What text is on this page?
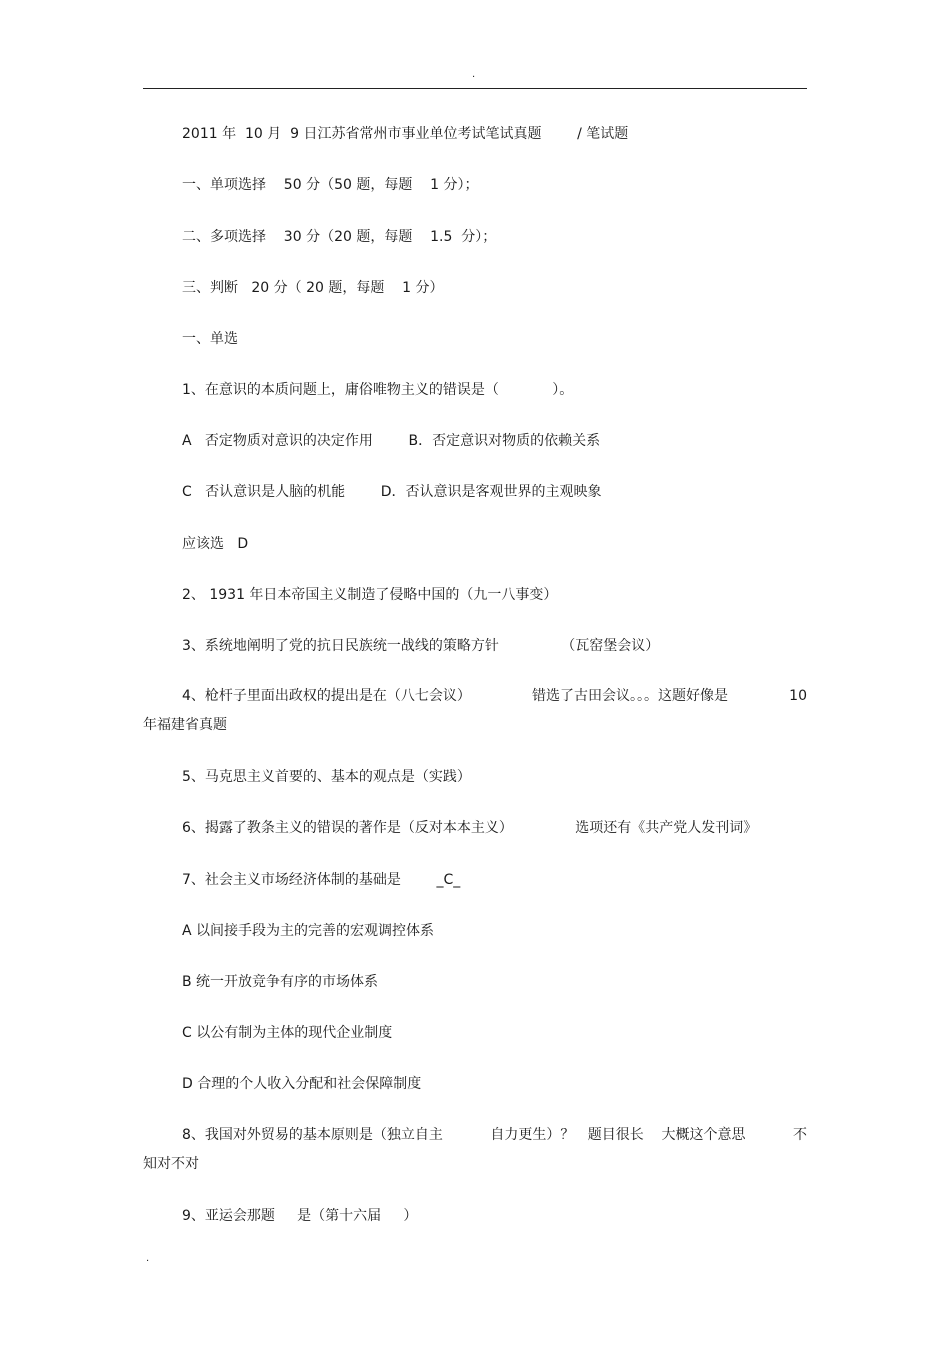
.
2011 年  10 月  9 日江苏省常州市事业单位考试笔试真题        / 笔试题
一、单项选择    50 分（50 题，每题    1 分）；
二、多项选择    30 分（20 题，每题    1.5  分）；
三、判断   20 分（ 20 题，每题    1 分）
一、单选
1、在意识的本质问题上，庸俗唯物主义的错误是（            ）。
A   否定物质对意识的决定作用        B．否定意识对物质的依赖关系
C   否认意识是人脑的机能        D．否认意识是客观世界的主观映象
应该选   D
2、 1931 年日本帝国主义制造了侵略中国的（九一八事变）
3、系统地阐明了党的抗日民族统一战线的策略方针              （瓦窑堡会议）
4、枪杆子里面出政权的提出是在（八七会议）	错选了古田会议。。。这题好像是	10
年福建省真题
5、马克思主义首要的、基本的观点是（实践）
6、揭露了教条主义的错误的著作是（反对本本主义）              选项还有《共产党人发刊词》
7、社会主义市场经济体制的基础是        _C_
A 以间接手段为主的完善的宏观调控体系
B 统一开放竞争有序的市场体系
C 以公有制为主体的现代企业制度
D 合理的个人收入分配和社会保障制度
8、我国对外贸易的基本原则是（独立自主	自力更生）？   题目很长    大概这个意思	不
知对不对
9、亚运会那题     是（第十六届     ）
.
